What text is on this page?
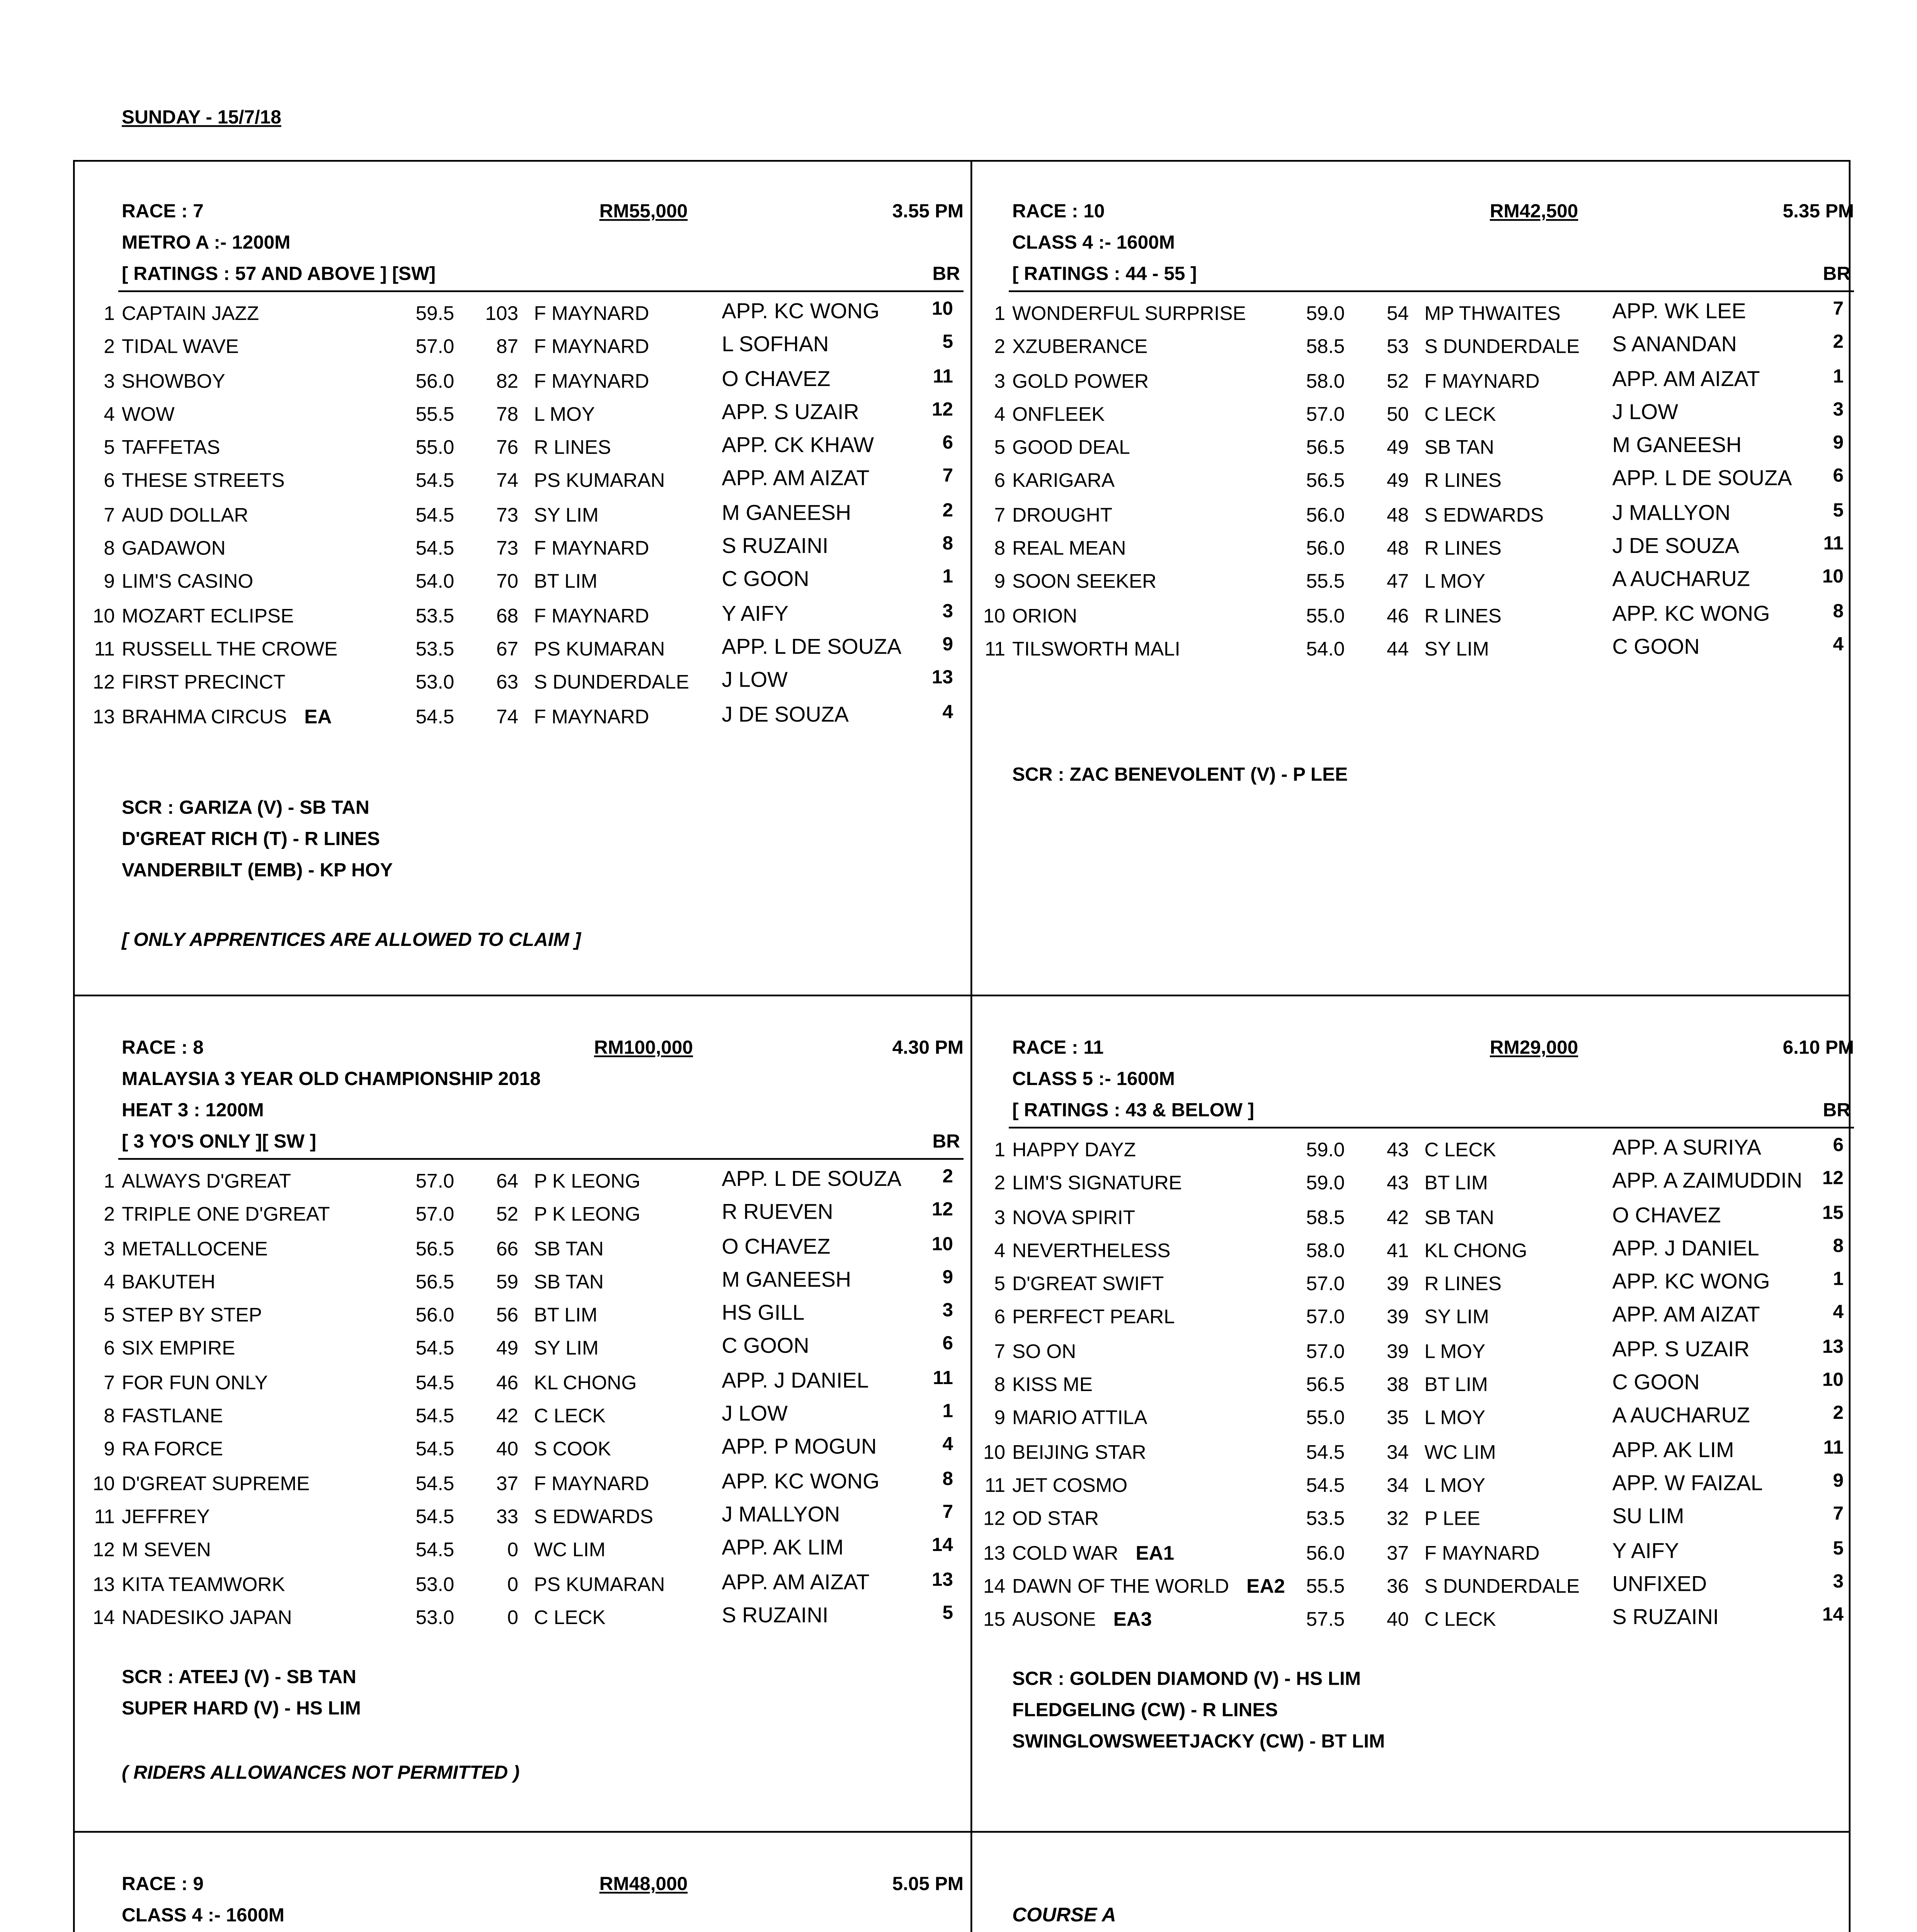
SUNDAY - 15/7/18
RACE : 7	RM55,000	3.55 PM
METRO A :- 1200M
[ RATINGS : 57 AND ABOVE ] [SW]	BR
1 CAPTAIN JAZZ	59.5	103	F MAYNARD	APP. KC WONG	10
2 TIDAL WAVE	57.0	87	F MAYNARD	L SOFHAN	5
3 SHOWBOY	56.0	82	F MAYNARD	O CHAVEZ	11
4 WOW	55.5	78	L MOY	APP. S UZAIR	12
5 TAFFETAS	55.0	76	R LINES	APP. CK KHAW	6
6 THESE STREETS	54.5	74	PS KUMARAN	APP. AM AIZAT	7
7 AUD DOLLAR	54.5	73	SY LIM	M GANEESH	2
8 GADAWON	54.5	73	F MAYNARD	S RUZAINI	8
9 LIM'S CASINO	54.0	70	BT LIM	C GOON	1
10 MOZART ECLIPSE	53.5	68	F MAYNARD	Y AIFY	3
11 RUSSELL THE CROWE	53.5	67	PS KUMARAN	APP. L DE SOUZA	9
12 FIRST PRECINCT	53.0	63	S DUNDERDALE	J LOW	13
13 BRAHMA CIRCUS	EA	54.5	74	F MAYNARD	J DE SOUZA	4
SCR : GARIZA (V) - SB TAN
D'GREAT RICH (T) - R LINES
VANDERBILT (EMB) - KP HOY
[ ONLY APPRENTICES ARE ALLOWED TO CLAIM ]
RACE : 10	RM42,500	5.35 PM
CLASS 4 :- 1600M
[ RATINGS : 44 - 55 ]	BR
1 WONDERFUL SURPRISE	59.0	54	MP THWAITES	APP. WK LEE	7
2 XZUBERANCE	58.5	53	S DUNDERDALE	S ANANDAN	2
3 GOLD POWER	58.0	52	F MAYNARD	APP. AM AIZAT	1
4 ONFLEEK	57.0	50	C LECK	J LOW	3
5 GOOD DEAL	56.5	49	SB TAN	M GANEESH	9
6 KARIGARA	56.5	49	R LINES	APP. L DE SOUZA	6
7 DROUGHT	56.0	48	S EDWARDS	J MALLYON	5
8 REAL MEAN	56.0	48	R LINES	J DE SOUZA	11
9 SOON SEEKER	55.5	47	L MOY	A AUCHARUZ	10
10 ORION	55.0	46	R LINES	APP. KC WONG	8
11 TILSWORTH MALI	54.0	44	SY LIM	C GOON	4
SCR : ZAC BENEVOLENT (V) - P LEE
RACE : 8	RM100,000	4.30 PM
MALAYSIA 3 YEAR OLD CHAMPIONSHIP 2018
HEAT 3 : 1200M
[ 3 YO'S ONLY ][ SW ]	BR
1 ALWAYS D'GREAT	57.0	64	P K LEONG	APP. L DE SOUZA	2
2 TRIPLE ONE D'GREAT	57.0	52	P K LEONG	R RUEVEN	12
3 METALLOCENE	56.5	66	SB TAN	O CHAVEZ	10
4 BAKUTEH	56.5	59	SB TAN	M GANEESH	9
5 STEP BY STEP	56.0	56	BT LIM	HS GILL	3
6 SIX EMPIRE	54.5	49	SY LIM	C GOON	6
7 FOR FUN ONLY	54.5	46	KL CHONG	APP. J DANIEL	11
8 FASTLANE	54.5	42	C LECK	J LOW	1
9 RA FORCE	54.5	40	S COOK	APP. P MOGUN	4
10 D'GREAT SUPREME	54.5	37	F MAYNARD	APP. KC WONG	8
11 JEFFREY	54.5	33	S EDWARDS	J MALLYON	7
12 M SEVEN	54.5	0	WC LIM	APP. AK LIM	14
13 KITA TEAMWORK	53.0	0	PS KUMARAN	APP. AM AIZAT	13
14 NADESIKO JAPAN	53.0	0	C LECK	S RUZAINI	5
SCR : ATEEJ (V) - SB TAN
SUPER HARD (V) - HS LIM
( RIDERS ALLOWANCES NOT PERMITTED )
RACE : 11	RM29,000	6.10 PM
CLASS 5 :- 1600M
[ RATINGS : 43 & BELOW ]	BR
1 HAPPY DAYZ	59.0	43	C LECK	APP. A SURIYA	6
2 LIM'S SIGNATURE	59.0	43	BT LIM	APP. A ZAIMUDDIN	12
3 NOVA SPIRIT	58.5	42	SB TAN	O CHAVEZ	15
4 NEVERTHELESS	58.0	41	KL CHONG	APP. J DANIEL	8
5 D'GREAT SWIFT	57.0	39	R LINES	APP. KC WONG	1
6 PERFECT PEARL	57.0	39	SY LIM	APP. AM AIZAT	4
7 SO ON	57.0	39	L MOY	APP. S UZAIR	13
8 KISS ME	56.5	38	BT LIM	C GOON	10
9 MARIO ATTILA	55.0	35	L MOY	A AUCHARUZ	2
10 BEIJING STAR	54.5	34	WC LIM	APP. AK LIM	11
11 JET COSMO	54.5	34	L MOY	APP. W FAIZAL	9
12 OD STAR	53.5	32	P LEE	SU LIM	7
13 COLD WAR	EA1	56.0	37	F MAYNARD	Y AIFY	5
14 DAWN OF THE WORLD	EA2	55.5	36	S DUNDERDALE	UNFIXED	3
15 AUSONE	EA3	57.5	40	C LECK	S RUZAINI	14
SCR : GOLDEN DIAMOND (V) - HS LIM
FLEDGELING (CW) - R LINES
SWINGLOWSWEETJACKY (CW) - BT LIM
RACE : 9	RM48,000	5.05 PM
CLASS 4 :- 1600M	COURSE A
